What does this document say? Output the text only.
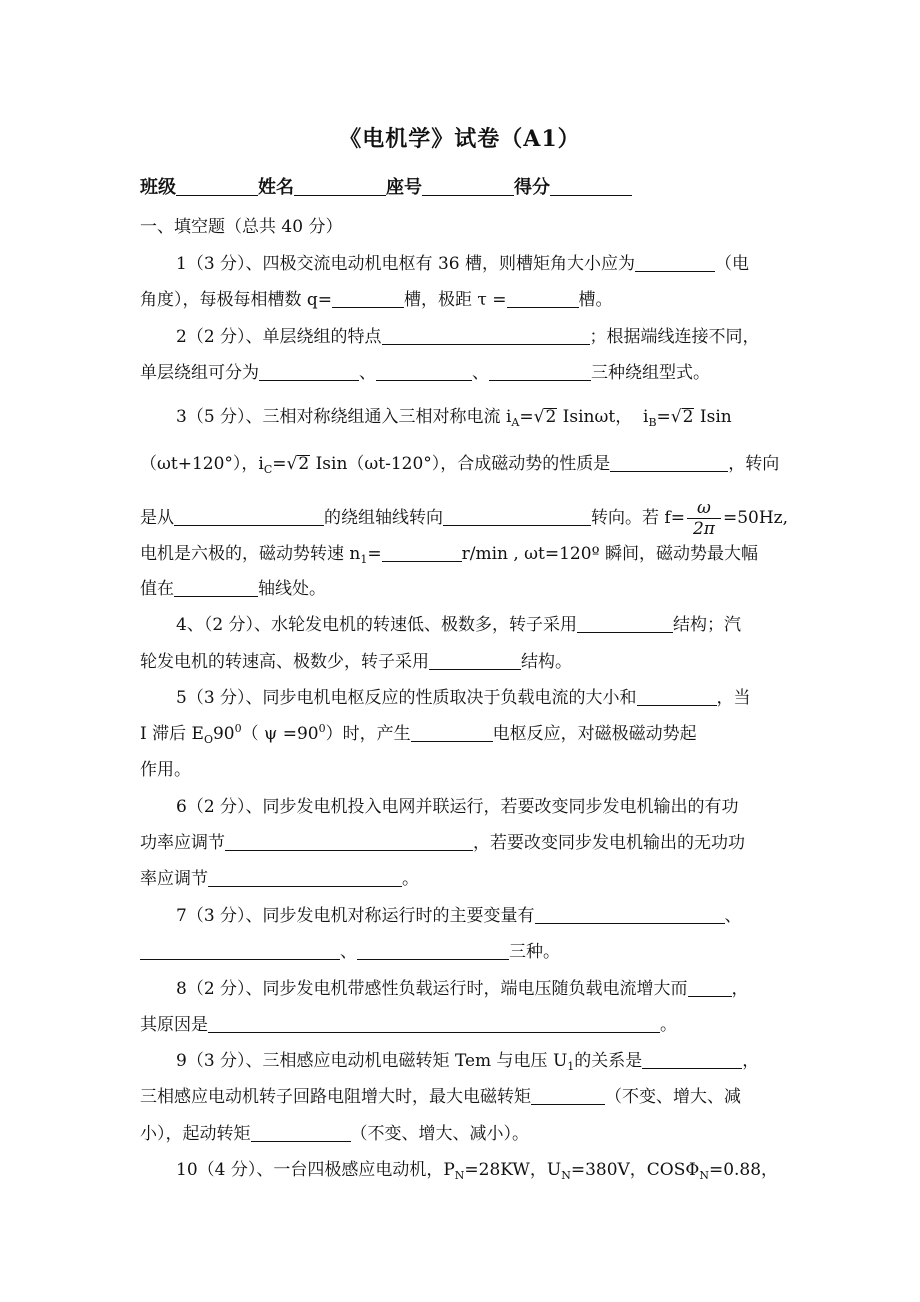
《电机学》试卷（A1）
班级	姓名	座号	得分
一、填空题（总共 40 分）
1（3 分）、四极交流电动机电枢有 36 槽，则槽矩角大小应为	（电
角度），每极每相槽数 q=	槽，极距 τ =	槽。
2（2 分）、单层绕组的特点	；根据端线连接不同，
单层绕组可分为	、	、	三种绕组型式。
3（5 分）、三相对称绕组通入三相对称电流 $i_A=√2$ Isinωt， $i_B=√2$ Isin
（ωt+120°），$i_C=√2$ Isin（ωt-120°），合成磁动势的性质是	，转向
是从	的绕组轴线转向	转向。若 $f= \frac{\omega}{2\pi} =50Hz$,
电机是六极的，磁动势转速 $n_1=$	r/min , ωt=120º 瞬间，磁动势最大幅
值在	轴线处。
4、（2 分）、水轮发电机的转速低、极数多，转子采用	结构；汽
轮发电机的转速高、极数少，转子采用	结构。
5（3 分）、同步电机电枢反应的性质取决于负载电流的大小和	，当
I 滞后 $E_O90^0$（ $\psi =90^0$）时，产生	电枢反应，对磁极磁动势起
作用。
6（2 分）、同步发电机投入电网并联运行，若要改变同步发电机输出的有功
功率应调节	，若要改变同步发电机输出的无功功
率应调节	。
7（3 分）、同步发电机对称运行时的主要变量有	、
、	三种。
8（2 分）、同步发电机带感性负载运行时，端电压随负载电流增大而	，
其原因是	。
9（3 分）、三相感应电动机电磁转矩 Tem 与电压 $U_1$的关系是	，
三相感应电动机转子回路电阻增大时，最大电磁转矩	（不变、增大、减
小），起动转矩	（不变、增大、减小）。
10（4 分）、一台四极感应电动机，$P_N=28KW$，$U_N=380V$，$COS\Phi_N=0.88$，
